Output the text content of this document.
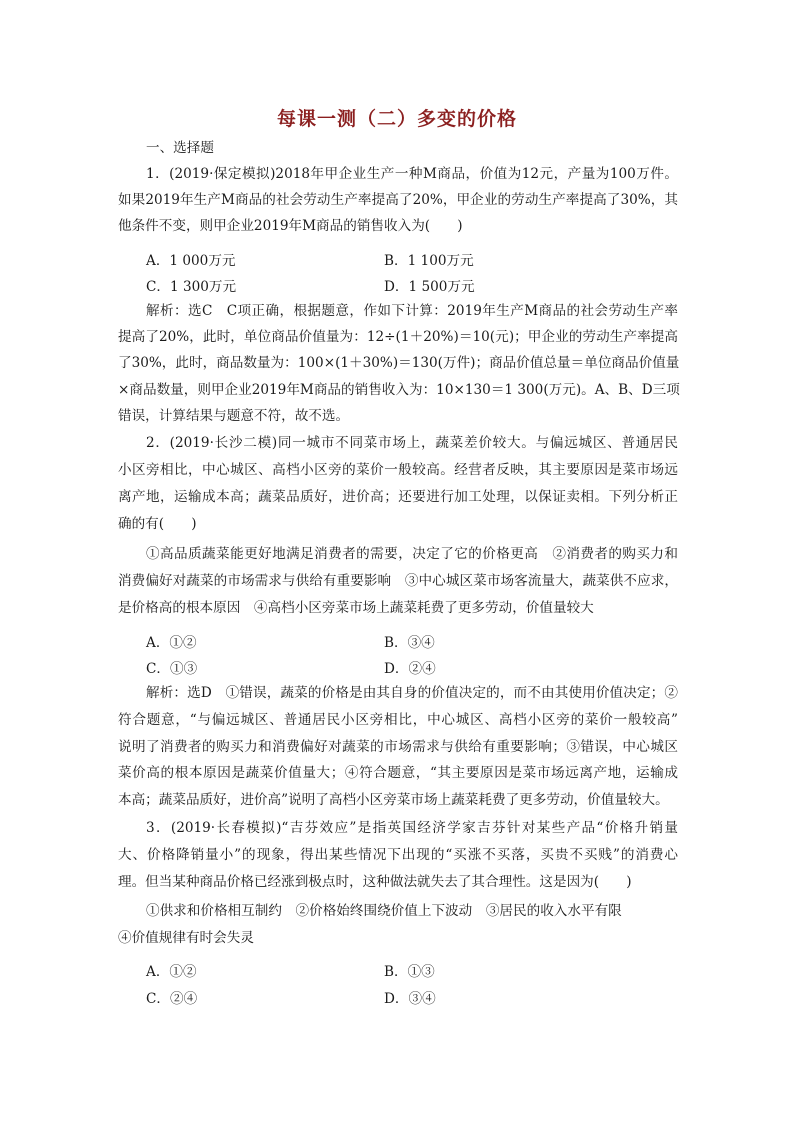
每课一测（二）多变的价格
一、选择题
1．(2019·保定模拟)2018年甲企业生产一种M商品，价值为12元，产量为100万件。
如果2019年生产M商品的社会劳动生产率提高了20%，甲企业的劳动生产率提高了30%，其
他条件不变，则甲企业2019年M商品的销售收入为(　　)
A．1 000万元	B．1 100万元
C．1 300万元	D．1 500万元
解析：选C　C项正确，根据题意，作如下计算：2019年生产M商品的社会劳动生产率
提高了20%，此时，单位商品价值量为：12÷(1＋20%)＝10(元)；甲企业的劳动生产率提高
了30%，此时，商品数量为：100×(1＋30%)＝130(万件)；商品价值总量＝单位商品价值量
×商品数量，则甲企业2019年M商品的销售收入为：10×130＝1 300(万元)。A、B、D三项
错误，计算结果与题意不符，故不选。
2．(2019·长沙二模)同一城市不同菜市场上，蔬菜差价较大。与偏远城区、普通居民
小区旁相比，中心城区、高档小区旁的菜价一般较高。经营者反映，其主要原因是菜市场远
离产地，运输成本高；蔬菜品质好，进价高；还要进行加工处理，以保证卖相。下列分析正
确的有(　　)
①高品质蔬菜能更好地满足消费者的需要，决定了它的价格更高　②消费者的购买力和
消费偏好对蔬菜的市场需求与供给有重要影响　③中心城区菜市场客流量大，蔬菜供不应求，
是价格高的根本原因　④高档小区旁菜市场上蔬菜耗费了更多劳动，价值量较大
A．①②	B．③④
C．①③	D．②④
解析：选D　①错误，蔬菜的价格是由其自身的价值决定的，而不由其使用价值决定；②
符合题意，“与偏远城区、普通居民小区旁相比，中心城区、高档小区旁的菜价一般较高”
说明了消费者的购买力和消费偏好对蔬菜的市场需求与供给有重要影响；③错误，中心城区
菜价高的根本原因是蔬菜价值量大；④符合题意，“其主要原因是菜市场远离产地，运输成
本高；蔬菜品质好，进价高”说明了高档小区旁菜市场上蔬菜耗费了更多劳动，价值量较大。
3．(2019·长春模拟)“吉芬效应”是指英国经济学家吉芬针对某些产品“价格升销量
大、价格降销量小”的现象，得出某些情况下出现的“买涨不买落，买贵不买贱”的消费心
理。但当某种商品价格已经涨到极点时，这种做法就失去了其合理性。这是因为(　　)
①供求和价格相互制约　②价格始终围绕价值上下波动　③居民的收入水平有限
④价值规律有时会失灵
A．①②	B．①③
C．②④	D．③④
